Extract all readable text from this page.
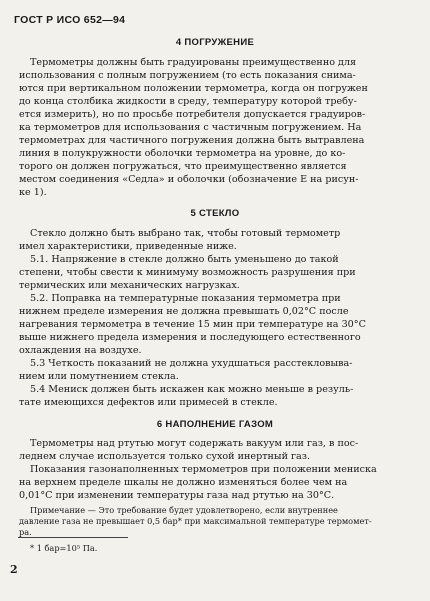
ГОСТ Р ИСО 652—94
4 ПОГРУЖЕНИЕ
Термометры должны быть градуированы преимущественно для
использования с полным погружением (то есть показания снима-
ются при вертикальном положении термометра, когда он погружен
до конца столбика жидкости в среду, температуру которой требу-
ется измерить), но по просьбе потребителя допускается градуиров-
ка термометров для использования с частичным погружением. На
термометрах для частичного погружения должна быть вытравлена
линия в полукружности оболочки термометра на уровне, до ко-
торого он должен погружаться, что преимущественно является
местом соединения «Седла» и оболочки (обозначение E на рисун-
ке 1).
5 СТЕКЛО
Стекло должно быть выбрано так, чтобы готовый термометр
имел характеристики, приведенные ниже.
5.1. Напряжение в стекле должно быть уменьшено до такой
степени, чтобы свести к минимуму возможность разрушения при
термических или механических нагрузках.
5.2. Поправка на температурные показания термометра при
нижнем пределе измерения не должна превышать 0,02°С после
нагревания термометра в течение 15 мин при температуре на 30°С
выше нижнего предела измерения и последующего естественного
охлаждения на воздухе.
5.3 Четкость показаний не должна ухудшаться расстекловыва-
нием или помутнением стекла.
5.4 Мениск должен быть искажен как можно меньше в резуль-
тате имеющихся дефектов или примесей в стекле.
6 НАПОЛНЕНИЕ ГАЗОМ
Термометры над ртутью могут содержать вакуум или газ, в пос-
леднем случае используется только сухой инертный газ.
Показания газонаполненных термометров при положении мениска
на верхнем пределе шкалы не должно изменяться более чем на
0,01°С при изменении температуры газа над ртутью на 30°С.
Примечание — Это требование будет удовлетворено, если внутреннее
давление газа не превышает 0,5 бар* при максимальной температуре термомет-
ра.
* 1 бар=10⁵ Па.
2
